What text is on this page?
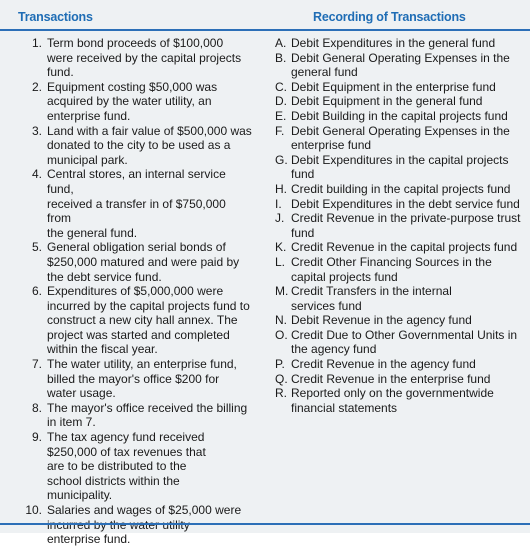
Transactions	Recording of Transactions
1. Term bond proceeds of $100,000
were received by the capital projects
fund.
2. Equipment costing $50,000 was
acquired by the water utility, an
enterprise fund.
3. Land with a fair value of $500,000 was
donated to the city to be used as a
municipal park.
4. Central stores, an internal service fund,
received a transfer in of $750,000 from
the general fund.
5. General obligation serial bonds of
$250,000 matured and were paid by
the debt service fund.
6. Expenditures of $5,000,000 were
incurred by the capital projects fund to
construct a new city hall annex. The
project was started and completed
within the fiscal year.
7. The water utility, an enterprise fund,
billed the mayor's office $200 for
water usage.
8. The mayor's office received the billing
in item 7.
9. The tax agency fund received
$250,000 of tax revenues that
are to be distributed to the
school districts within the
municipality.
10. Salaries and wages of $25,000 were
enterprise fund.
A. Debit Expenditures in the general fund
B. Debit General Operating Expenses in the
general fund
C. Debit Equipment in the enterprise fund
D. Debit Equipment in the general fund
E. Debit Building in the capital projects fund
F. Debit General Operating Expenses in the
enterprise fund
G. Debit Expenditures in the capital projects
fund
H. Credit building in the capital projects fund
I. Debit Expenditures in the debt service fund
J. Credit Revenue in the private-purpose trust
fund
K. Credit Revenue in the capital projects fund
L. Credit Other Financing Sources in the
capital projects fund
M. Credit Transfers in the internal
services fund
N. Debit Revenue in the agency fund
O. Credit Due to Other Governmental Units in
the agency fund
P. Credit Revenue in the agency fund
Q. Credit Revenue in the enterprise fund
R. Reported only on the governmentwide
financial statements
